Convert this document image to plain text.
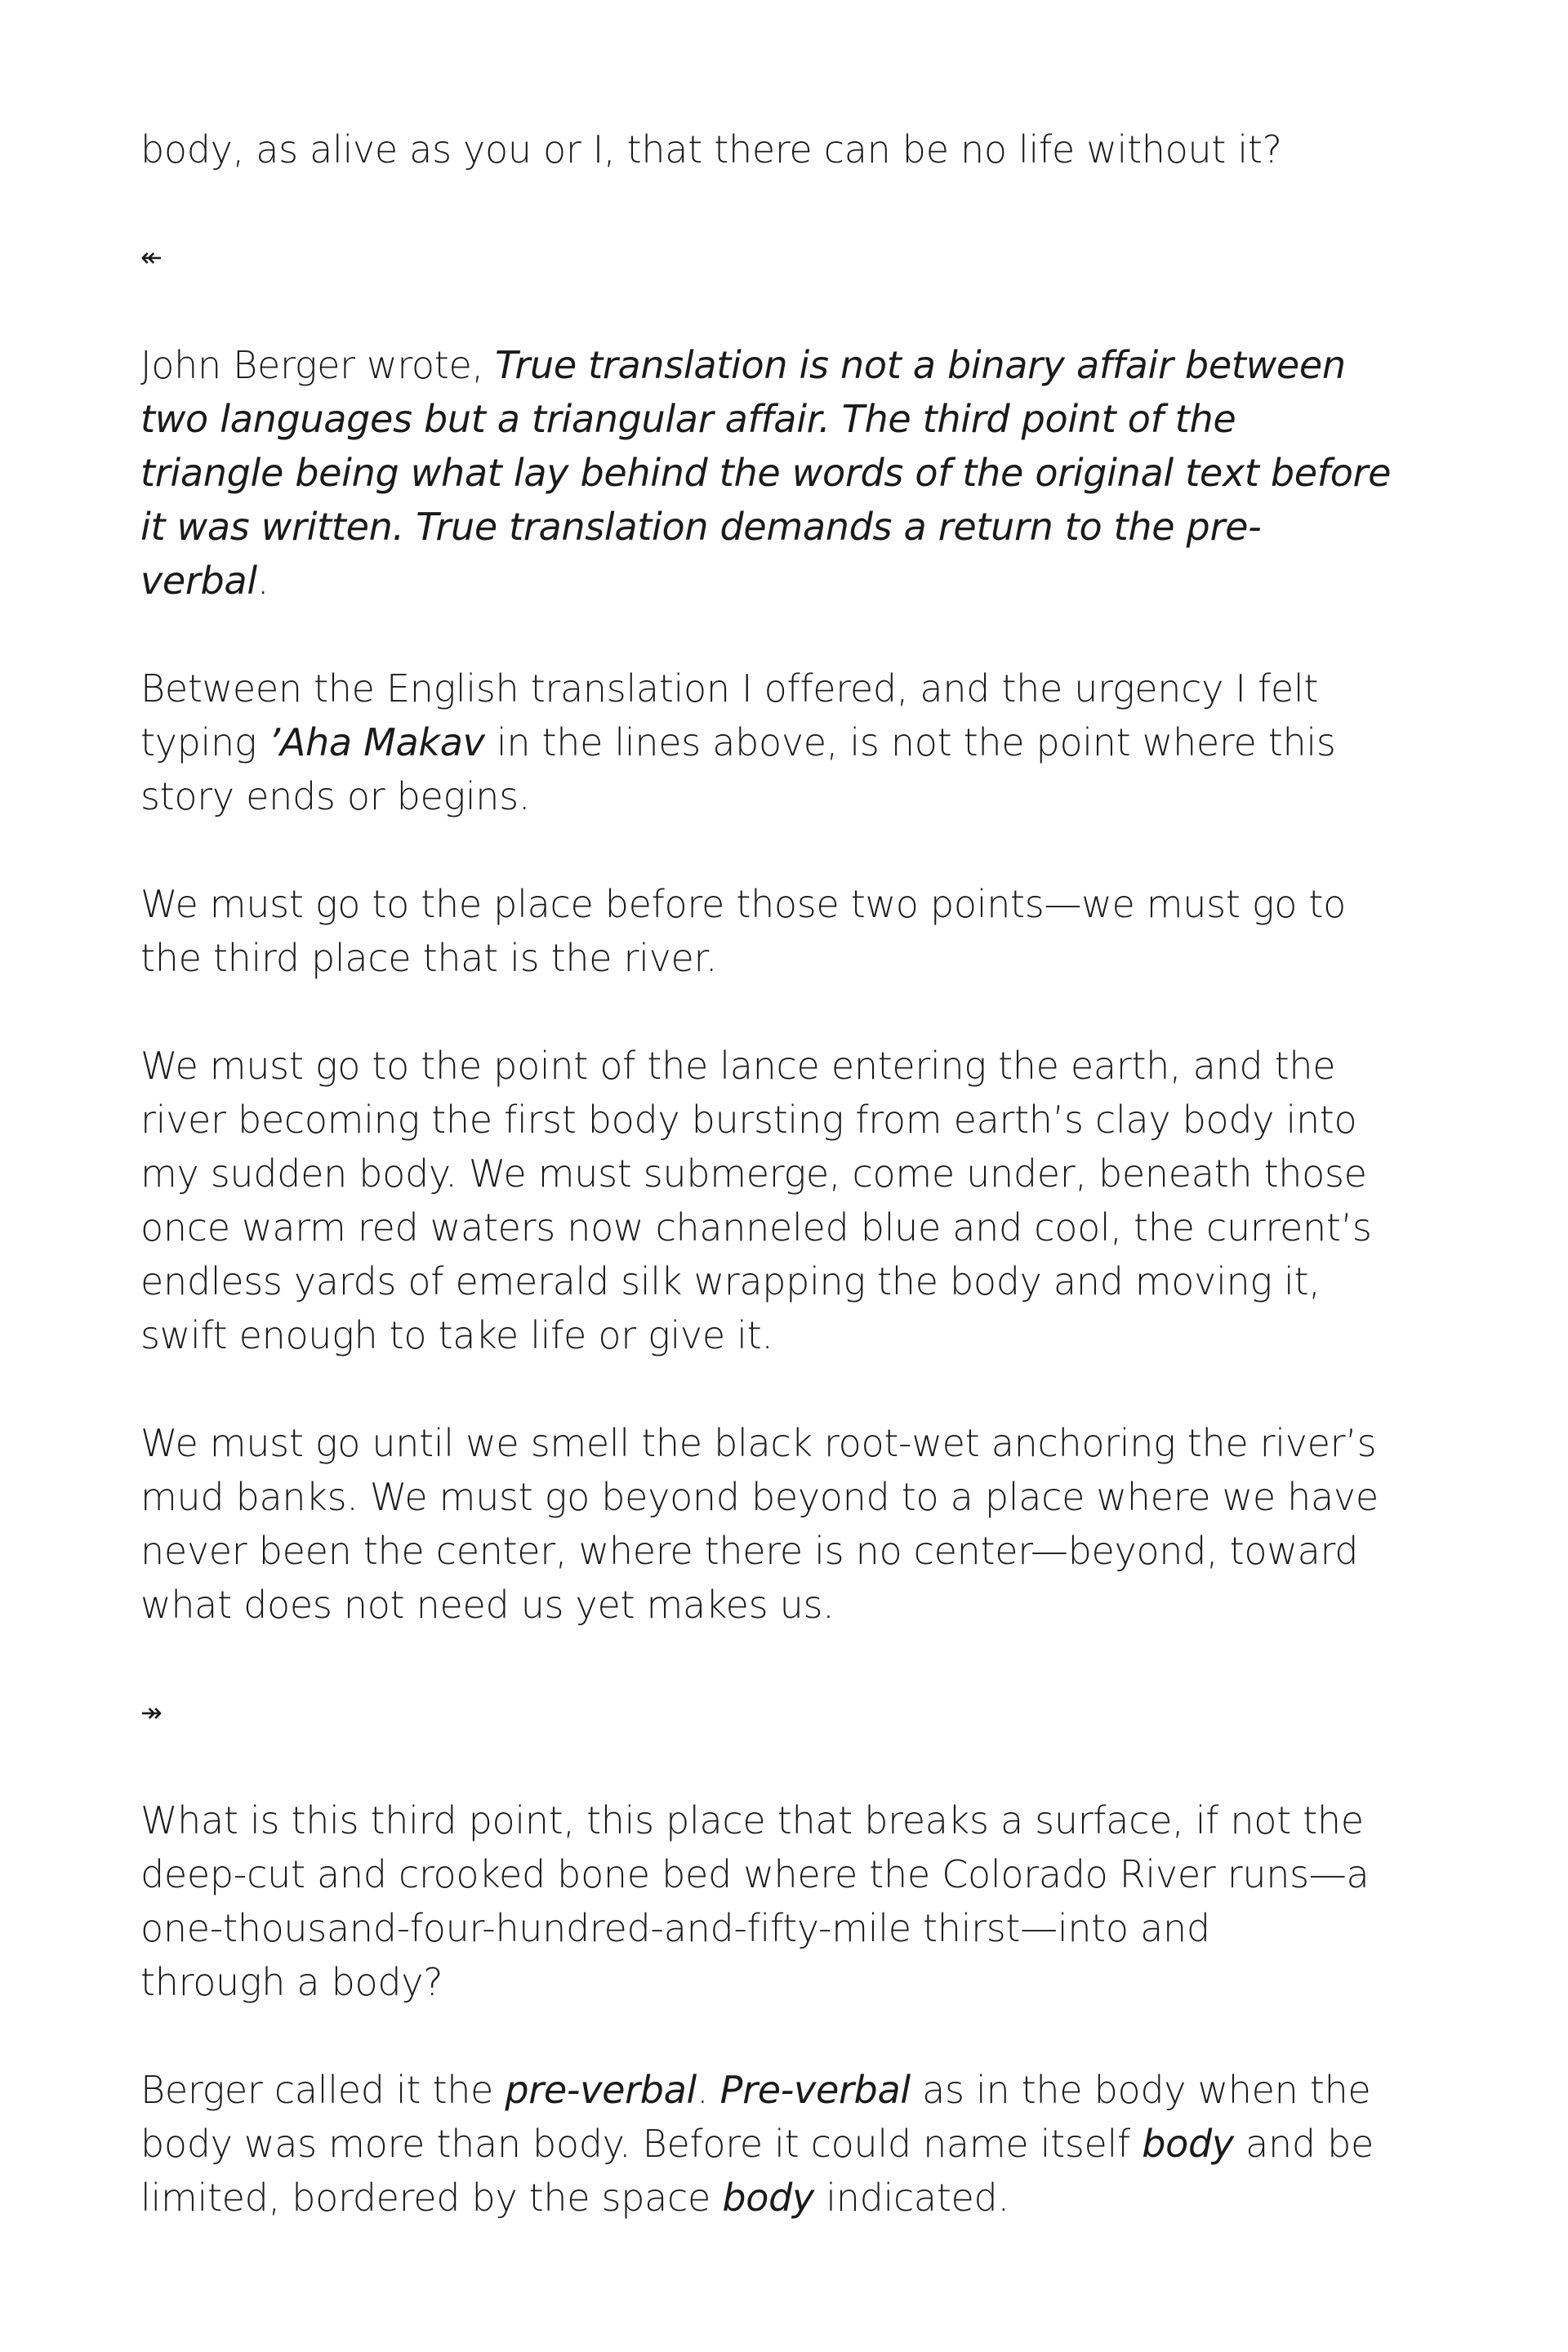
body, as alive as you or I, that there can be no life without it?
↞
John Berger wrote, True translation is not a binary affair between
two languages but a triangular affair. The third point of the
triangle being what lay behind the words of the original text before
it was written. True translation demands a return to the pre-
verbal.
Between the English translation I offered, and the urgency I felt
typing ’Aha Makav in the lines above, is not the point where this
story ends or begins.
We must go to the place before those two points—we must go to
the third place that is the river.
We must go to the point of the lance entering the earth, and the
river becoming the first body bursting from earth’s clay body into
my sudden body. We must submerge, come under, beneath those
once warm red waters now channeled blue and cool, the current’s
endless yards of emerald silk wrapping the body and moving it,
swift enough to take life or give it.
We must go until we smell the black root-wet anchoring the river’s
mud banks. We must go beyond beyond to a place where we have
never been the center, where there is no center—beyond, toward
what does not need us yet makes us.
↠
What is this third point, this place that breaks a surface, if not the
deep-cut and crooked bone bed where the Colorado River runs—a
one-thousand-four-hundred-and-fifty-mile thirst—into and
through a body?
Berger called it the pre-verbal. Pre-verbal as in the body when the
body was more than body. Before it could name itself body and be
limited, bordered by the space body indicated.
